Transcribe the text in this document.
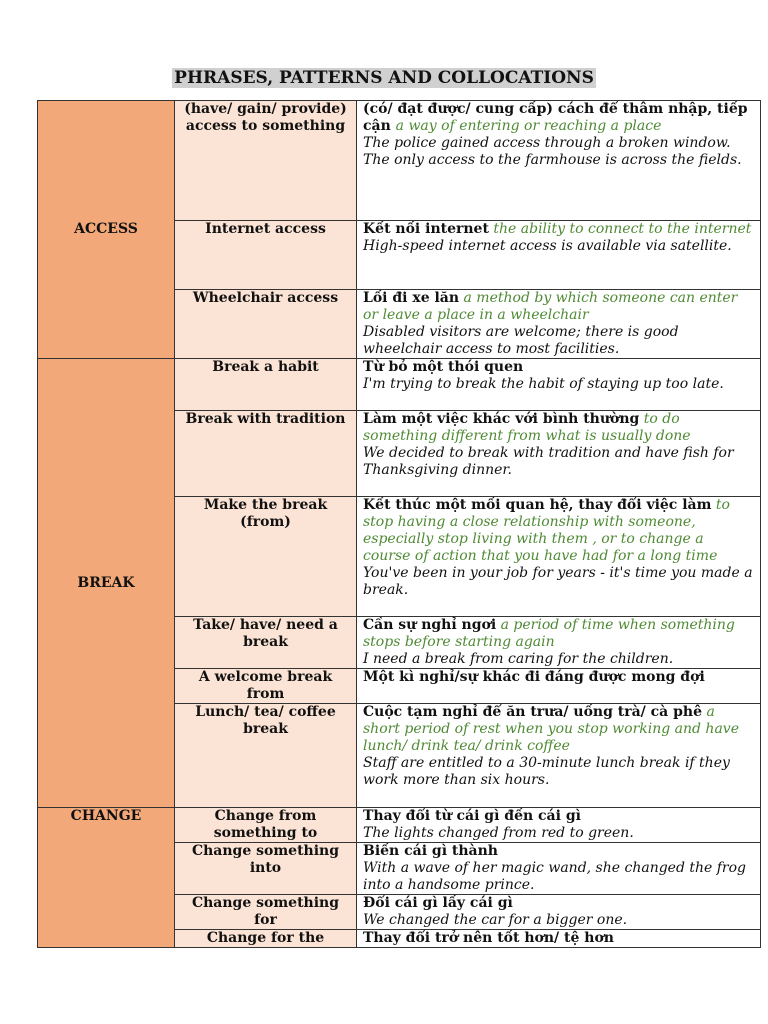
PHRASES, PATTERNS AND COLLOCATIONS
ACCESS	(have/ gain/ provide) access to something	(có/ đạt được/ cung cấp) cách để thâm nhập, tiếp cận a way of entering or reaching a place
The police gained access through a broken window.
The only access to the farmhouse is across the fields.

	Internet access	Kết nối internet the ability to connect to the internet
High-speed internet access is available via satellite.

	Wheelchair access	Lối đi xe lăn a method by which someone can enter or leave a place in a wheelchair
Disabled visitors are welcome; there is good wheelchair access to most facilities.

BREAK	Break a habit	Từ bỏ một thói quen
I'm trying to break the habit of staying up too late.

	Break with tradition	Làm một việc khác với bình thường to do something different from what is usually done
We decided to break with tradition and have fish for Thanksgiving dinner.

	Make the break (from)	Kết thúc một mối quan hệ, thay đổi việc làm to stop having a close relationship with someone, especially stop living with them , or to change a course of action that you have had for a long time
You've been in your job for years - it's time you made a break.

	Take/ have/ need a break	Cần sự nghỉ ngơi a period of time when something stops before starting again
I need a break from caring for the children.

	A welcome break from	Một kì nghỉ/sự khác đi đáng được mong đợi
	Lunch/ tea/ coffee break	Cuộc tạm nghỉ để ăn trưa/ uống trà/ cà phê a short period of rest when you stop working and have lunch/ drink tea/ drink coffee
Staff are entitled to a 30-minute lunch break if they work more than six hours.

CHANGE	Change from something to	Thay đổi từ cái gì đến cái gì
The lights changed from red to green.

	Change something into	Biến cái gì thành
With a wave of her magic wand, she changed the frog into a handsome prince.

	Change something for	Đổi cái gì lấy cái gì
We changed the car for a bigger one.

	Change for the	Thay đổi trở nên tốt hơn/ tệ hơn
